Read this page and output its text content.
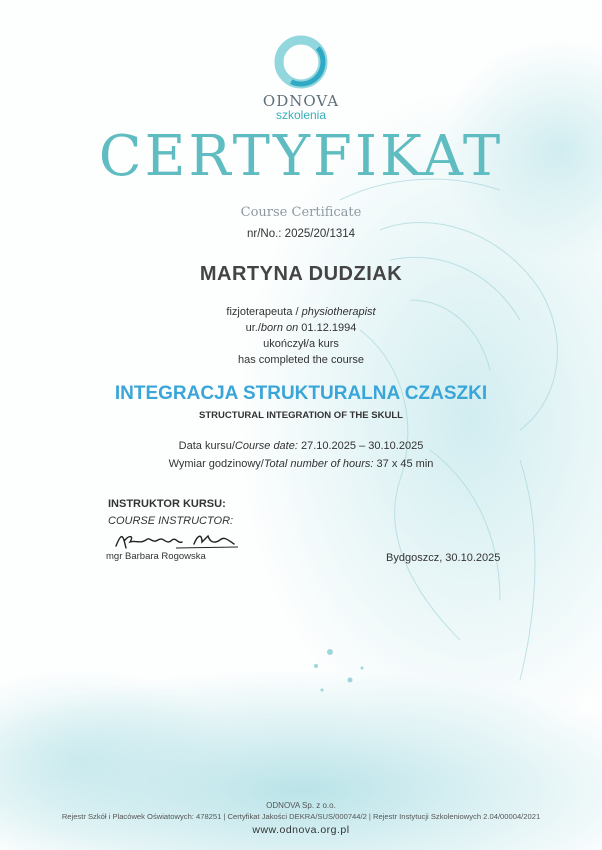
ODNOVA
szkolenia
CERTYFIKAT
Course Certificate
nr/No.: 2025/20/1314
MARTYNA DUDZIAK
fizjoterapeuta / physiotherapist
ur./born on 01.12.1994
ukończył/a kurs
has completed the course
INTEGRACJA STRUKTURALNA CZASZKI
STRUCTURAL INTEGRATION OF THE SKULL
Data kursu/Course date: 27.10.2025 – 30.10.2025
Wymiar godzinowy/Total number of hours: 37 x 45 min
INSTRUKTOR KURSU:
COURSE INSTRUCTOR:
mgr Barbara Rogowska	Bydgoszcz, 30.10.2025
ODNOVA Sp. z o.o.
Rejestr Szkół i Placówek Oświatowych: 478251 | Certyfikat Jakości DEKRA/SUS/000744/2 | Rejestr Instytucji Szkoleniowych 2.04/00004/2021
www.odnova.org.pl
